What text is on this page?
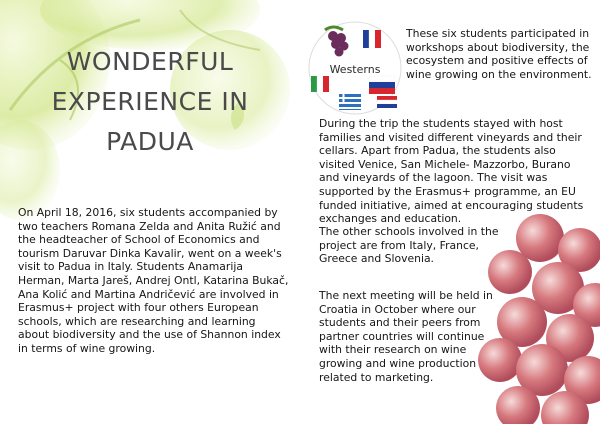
WONDERFUL
EXPERIENCE IN
PADUA

On April 18, 2016, six students accompanied by two teachers Romana Zelda and Anita Ružić and the headteacher of School of Economics and tourism Daruvar Dinka Kavalir, went on a week's visit to Padua in Italy. Students Anamarija Herman, Marta Jareš, Andrej Ontl, Katarina Bukač, Ana Kolić and Martina Andričević are involved in Erasmus+ project with four others European schools, which are researching and learning about biodiversity and the use of Shannon index in terms of wine growing.

Westerns

These six students participated in workshops about biodiversity, the ecosystem and positive effects of wine growing on the environment.

During the trip the students stayed with host families and visited different vineyards and their cellars. Apart from Padua, the students also visited Venice, San Michele- Mazzorbo, Burano and vineyards of the lagoon. The visit was supported by the Erasmus+ programme, an EU funded initiative, aimed at encouraging students exchanges and education.

The other schools involved in the project are from Italy, France, Greece and Slovenia.

The next meeting will be held in Croatia in October where our students and their peers from partner countries will continue with their research on wine growing and wine production related to marketing.
